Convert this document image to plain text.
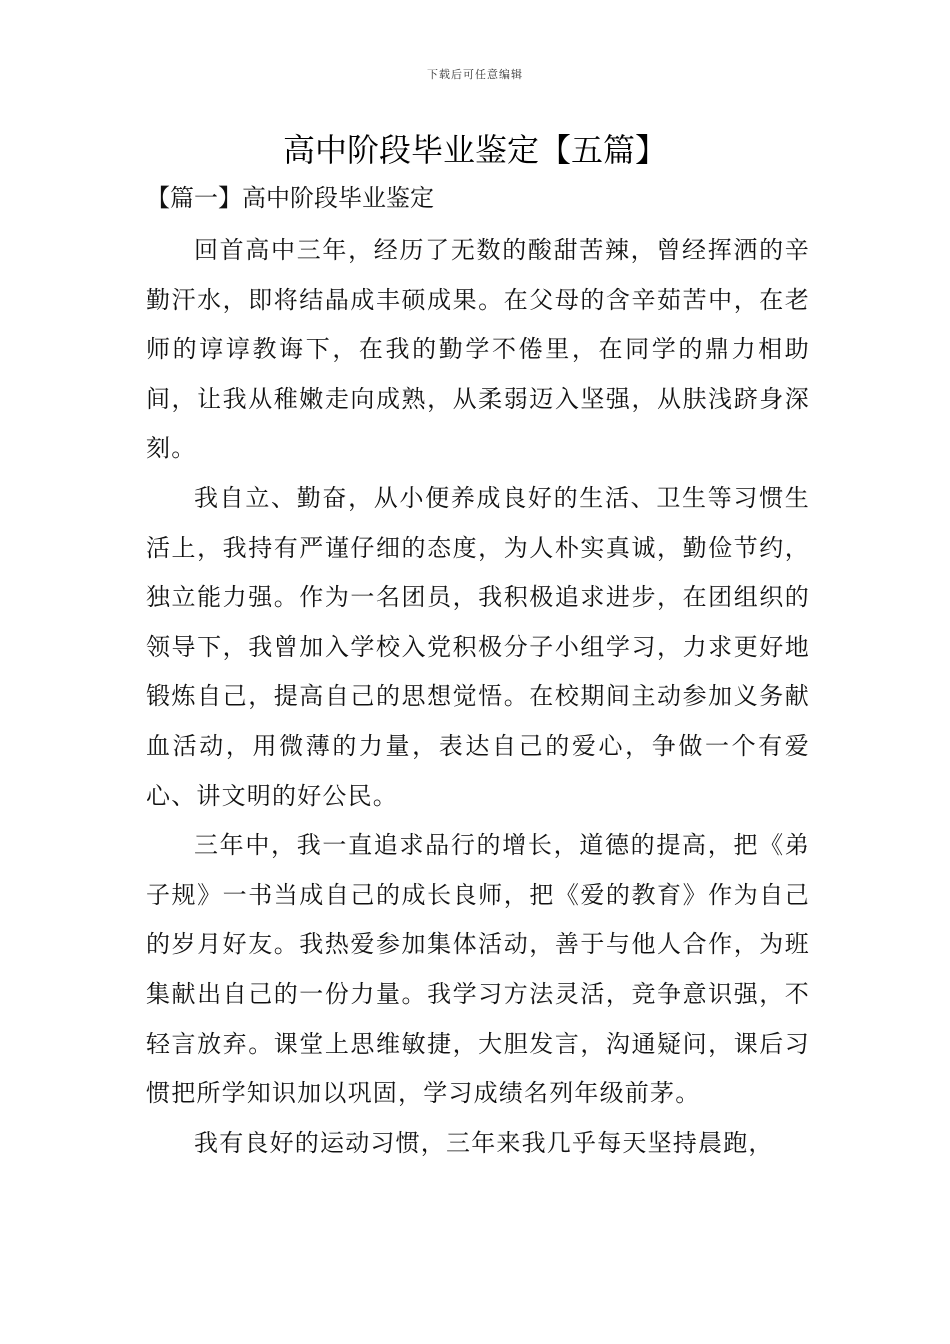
下载后可任意编辑
高中阶段毕业鉴定【五篇】
【篇一】高中阶段毕业鉴定

回首高中三年，经历了无数的酸甜苦辣，曾经挥洒的辛勤汗水，即将结晶成丰硕成果。在父母的含辛茹苦中，在老师的谆谆教诲下，在我的勤学不倦里，在同学的鼎力相助间，让我从稚嫩走向成熟，从柔弱迈入坚强，从肤浅跻身深刻。

我自立、勤奋，从小便养成良好的生活、卫生等习惯生活上，我持有严谨仔细的态度，为人朴实真诚，勤俭节约，独立能力强。作为一名团员，我积极追求进步，在团组织的领导下，我曾加入学校入党积极分子小组学习，力求更好地锻炼自己，提高自己的思想觉悟。在校期间主动参加义务献血活动，用微薄的力量，表达自己的爱心，争做一个有爱心、讲文明的好公民。

三年中，我一直追求品行的增长，道德的提高，把《弟子规》一书当成自己的成长良师，把《爱的教育》作为自己的岁月好友。我热爱参加集体活动，善于与他人合作，为班集献出自己的一份力量。我学习方法灵活，竞争意识强，不轻言放弃。课堂上思维敏捷，大胆发言，沟通疑问，课后习惯把所学知识加以巩固，学习成绩名列年级前茅。

我有良好的运动习惯，三年来我几乎每天坚持晨跑，
